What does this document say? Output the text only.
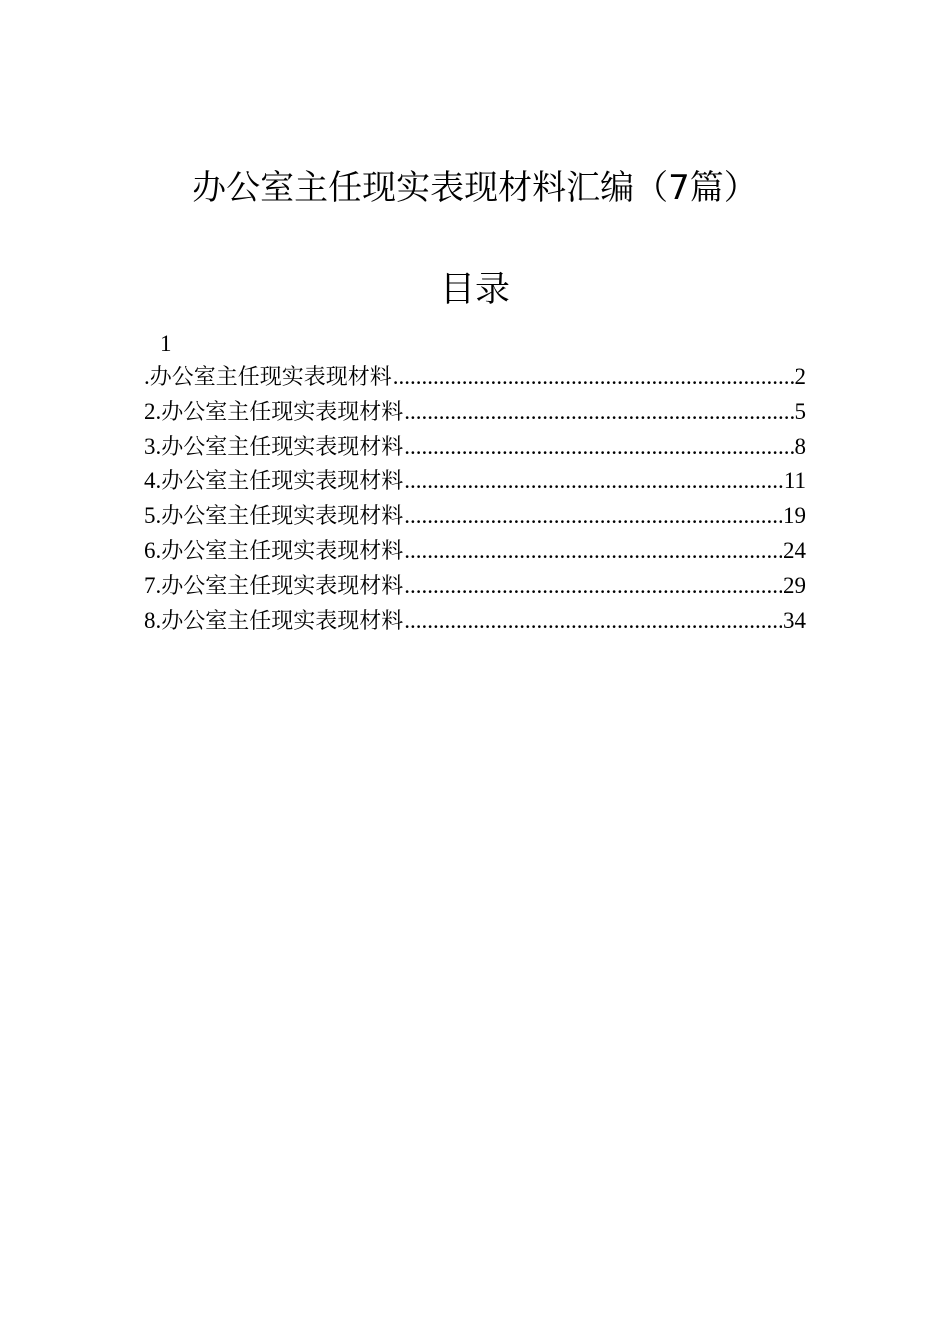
办公室主任现实表现材料汇编（7篇）
目录
1
. 办公室主任现实表现材料 .....	2
2. 办公室主任现实表现材料 .....	5
3. 办公室主任现实表现材料 .....	8
4. 办公室主任现实表现材料 .....	11
5. 办公室主任现实表现材料 .....	19
6. 办公室主任现实表现材料 .....	24
7. 办公室主任现实表现材料 .....	29
8. 办公室主任现实表现材料 .....	34
